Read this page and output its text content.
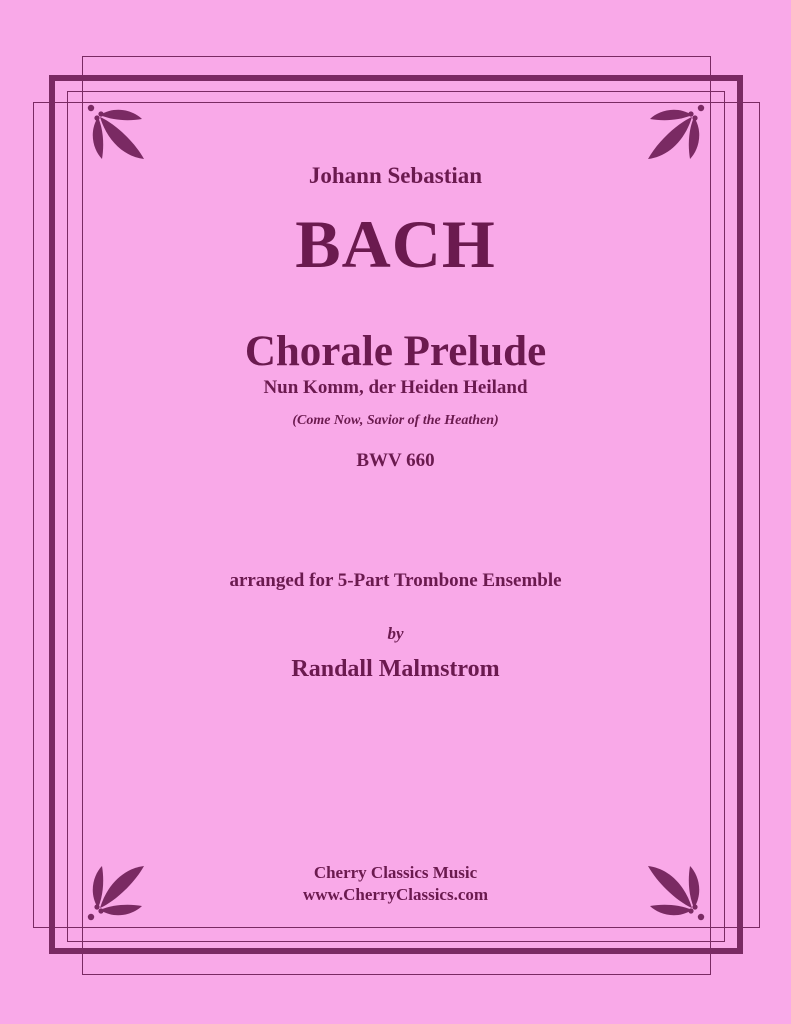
Johann Sebastian
BACH
Chorale Prelude
Nun Komm, der Heiden Heiland
(Come Now, Savior of the Heathen)
BWV 660
arranged for 5-Part Trombone Ensemble
by
Randall Malmstrom
Cherry Classics Music
www.CherryClassics.com
